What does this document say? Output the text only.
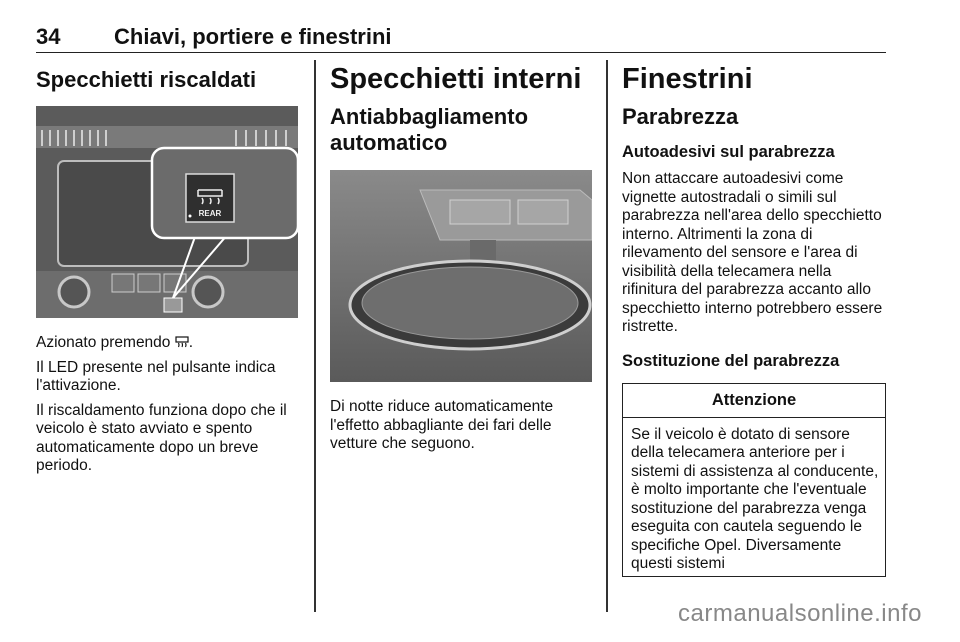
34 Chiavi, portiere e finestrini
Specchietti riscaldati
REAR

Azionato premendo .

Il LED presente nel pulsante indica l'attivazione.

Il riscaldamento funziona dopo che il veicolo è stato avviato e spento automaticamente dopo un breve periodo.

Specchietti interni
Antiabbagliamento automatico

Di notte riduce automaticamente l'effetto abbagliante dei fari delle vetture che seguono.

Finestrini
Parabrezza
Autoadesivi sul parabrezza

Non attaccare autoadesivi come vignette autostradali o simili sul parabrezza nell'area dello specchietto interno. Altrimenti la zona di rilevamento del sensore e l'area di visibilità della telecamera nella rifinitura del parabrezza accanto allo specchietto interno potrebbero essere ristrette.

Sostituzione del parabrezza
Attenzione
Se il veicolo è dotato di sensore della telecamera anteriore per i sistemi di assistenza al conducente, è molto importante che l'eventuale sostituzione del parabrezza venga eseguita con cautela seguendo le specifiche Opel. Diversamente questi sistemi
carmanualsonline.info
